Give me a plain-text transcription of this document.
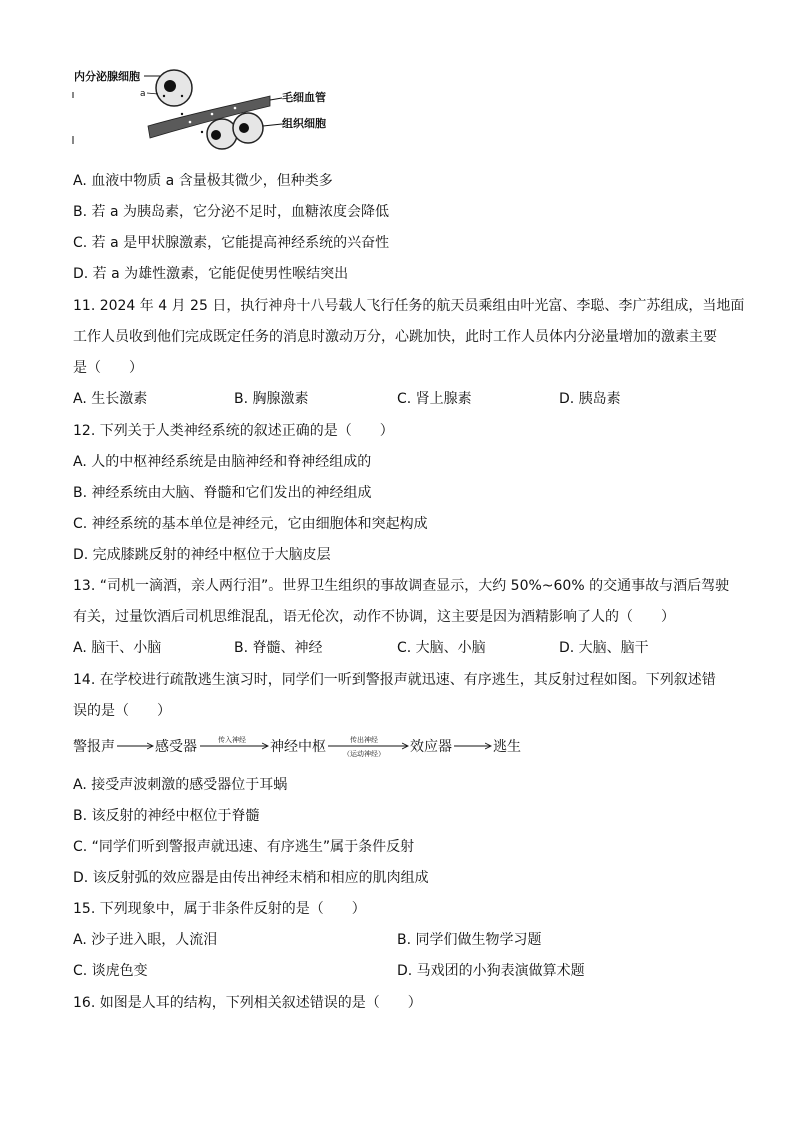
内分泌腺细胞
a	毛细血管
组织细胞
A. 血液中物质 a 含量极其微少，但种类多
B. 若 a 为胰岛素，它分泌不足时，血糖浓度会降低
C. 若 a 是甲状腺激素，它能提高神经系统的兴奋性
D. 若 a 为雄性激素，它能促使男性喉结突出
11. 2024 年 4 月 25 日，执行神舟十八号载人飞行任务的航天员乘组由叶光富、李聪、李广苏组成，当地面
工作人员收到他们完成既定任务的消息时激动万分，心跳加快，此时工作人员体内分泌量增加的激素主要
是（　　）
A. 生长激素	B. 胸腺激素	C. 肾上腺素	D. 胰岛素
12. 下列关于人类神经系统的叙述正确的是（　　）
A. 人的中枢神经系统是由脑神经和脊神经组成的
B. 神经系统由大脑、脊髓和它们发出的神经组成
C. 神经系统的基本单位是神经元，它由细胞体和突起构成
D. 完成膝跳反射的神经中枢位于大脑皮层
13. “司机一滴酒，亲人两行泪”。世界卫生组织的事故调查显示，大约 50%~60% 的交通事故与酒后驾驶
有关，过量饮酒后司机思维混乱，语无伦次，动作不协调，这主要是因为酒精影响了人的（　　）
A. 脑干、小脑	B. 脊髓、神经	C. 大脑、小脑	D. 大脑、脑干
14. 在学校进行疏散逃生演习时，同学们一听到警报声就迅速、有序逃生，其反射过程如图。下列叙述错
误的是（　　）
警报声	感受器	传入神经 神经中枢	传出神经
（运动神经） 效应器	逃生
A. 接受声波刺激的感受器位于耳蜗
B. 该反射的神经中枢位于脊髓
C. “同学们听到警报声就迅速、有序逃生”属于条件反射
D. 该反射弧的效应器是由传出神经末梢和相应的肌肉组成
15. 下列现象中，属于非条件反射的是（　　）
A. 沙子进入眼，人流泪	B. 同学们做生物学习题
C. 谈虎色变	D. 马戏团的小狗表演做算术题
16. 如图是人耳的结构，下列相关叙述错误的是（　　）
